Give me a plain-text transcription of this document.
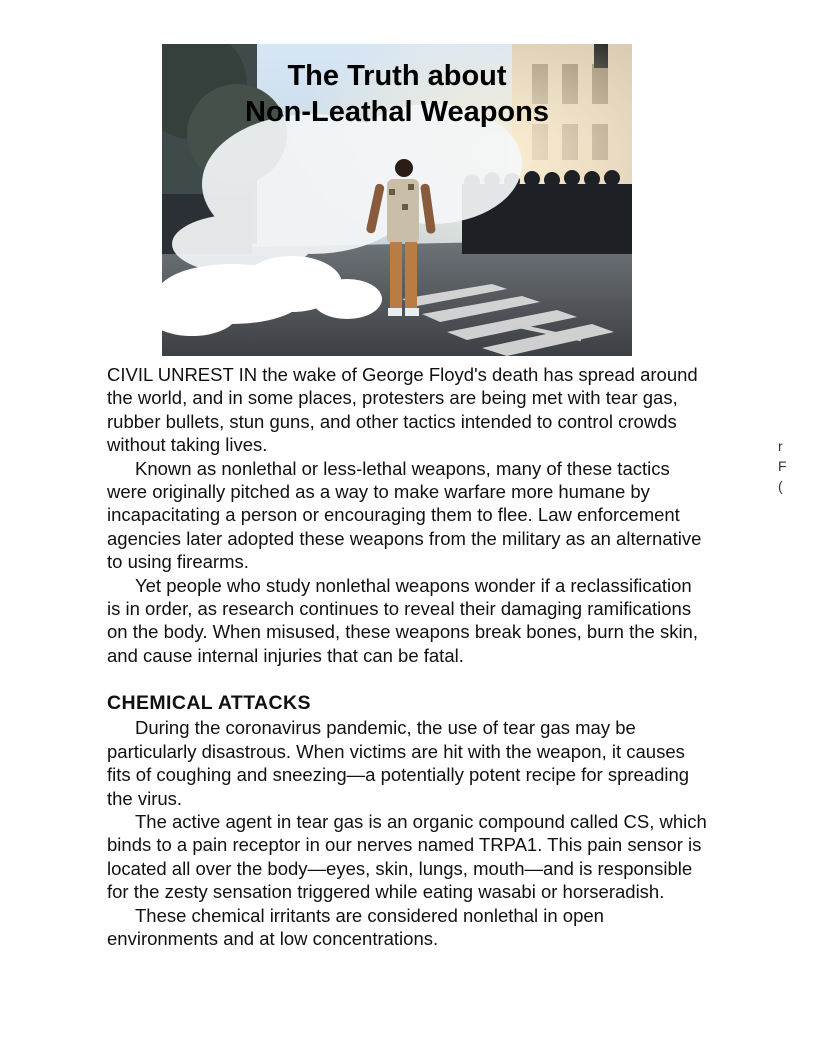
The Truth about
Non-Leathal Weapons

CIVIL UNREST IN the wake of George Floyd's death has spread around the world, and in some places, protesters are being met with tear gas, rubber bullets, stun guns, and other tactics intended to control crowds without taking lives.

Known as nonlethal or less-lethal weapons, many of these tactics were originally pitched as a way to make warfare more humane by incapacitating a person or encouraging them to flee. Law enforcement agencies later adopted these weapons from the military as an alternative to using firearms.

Yet people who study nonlethal weapons wonder if a reclassification is in order, as research continues to reveal their damaging ramifications on the body. When misused, these weapons break bones, burn the skin, and cause internal injuries that can be fatal.

CHEMICAL ATTACKS

During the coronavirus pandemic, the use of tear gas may be particularly disastrous. When victims are hit with the weapon, it causes fits of coughing and sneezing—a potentially potent recipe for spreading the virus.

The active agent in tear gas is an organic compound called CS, which binds to a pain receptor in our nerves named TRPA1. This pain sensor is located all over the body—eyes, skin, lungs, mouth—and is responsible for the zesty sensation triggered while eating wasabi or horseradish.

These chemical irritants are considered nonlethal in open environments and at low concentrations.

r
F
(
